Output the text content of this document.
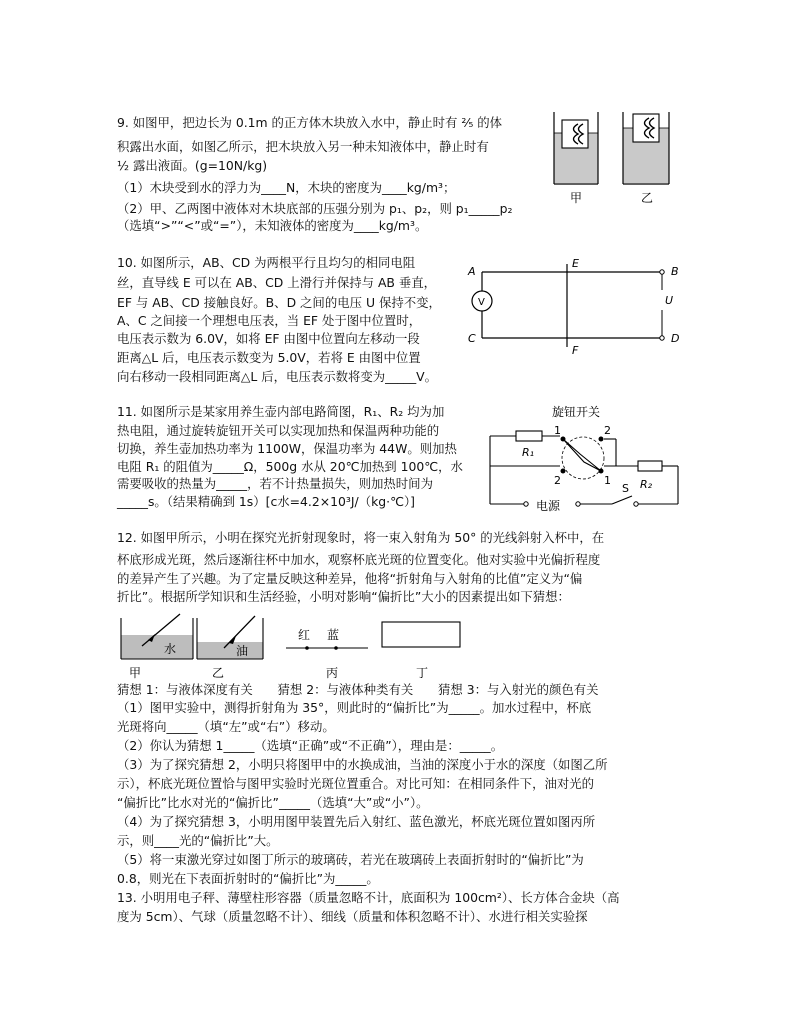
9. 如图甲，把边长为 0.1m 的正方体木块放入水中，静止时有 ²⁄₅ 的体
积露出水面，如图乙所示，把木块放入另一种未知液体中，静止时有
½ 露出液面。(g=10N/kg)
（1）木块受到水的浮力为____N，木块的密度为____kg/m³；
（2）甲、乙两图中液体对木块底部的压强分别为 p₁、p₂，则 p₁_____p₂
（选填“>”“<”或“=”），未知液体的密度为____kg/m³。
甲	乙
10. 如图所示，AB、CD 为两根平行且均匀的相同电阻
丝，直导线 E 可以在 AB、CD 上滑行并保持与 AB 垂直，
EF 与 AB、CD 接触良好。B、D 之间的电压 U 保持不变，
A、C 之间接一个理想电压表，当 EF 处于图中位置时，
电压表示数为 6.0V，如将 EF 由图中位置向左移动一段
距离△L 后，电压表示数变为 5.0V，若将 E 由图中位置
向右移动一段相同距离△L 后，电压表示数将变为_____V。
V
A	B
C	D
E
F
U
11. 如图所示是某家用养生壶内部电路简图，R₁、R₂ 均为加
热电阻，通过旋转旋钮开关可以实现加热和保温两种功能的
切换，养生壶加热功率为 1100W，保温功率为 44W。则加热
电阻 R₁ 的阻值为_____Ω，500g 水从 20℃加热到 100℃，水
需要吸收的热量为_____，若不计热量损失，则加热时间为
_____s。（结果精确到 1s）[c水=4.2×10³J/（kg·℃）]
旋钮开关
R₁
1	2
2	1	R₂
电源
S
12. 如图甲所示，小明在探究光折射现象时，将一束入射角为 50° 的光线斜射入杯中，在
杯底形成光斑，然后逐渐往杯中加水，观察杯底光斑的位置变化。他对实验中光偏折程度
的差异产生了兴趣。为了定量反映这种差异，他将“折射角与入射角的比值”定义为“偏
折比”。根据所学知识和生活经验，小明对影响“偏折比”大小的因素提出如下猜想：
水	油
红 蓝
甲	乙	丙	丁
猜想 1：与液体深度有关　　猜想 2：与液体种类有关　　猜想 3：与入射光的颜色有关
（1）图甲实验中，测得折射角为 35°，则此时的“偏折比”为_____。加水过程中，杯底
光斑将向_____（填“左”或“右”）移动。
（2）你认为猜想 1_____（选填“正确”或“不正确”），理由是：_____。
（3）为了探究猜想 2，小明只将图甲中的水换成油，当油的深度小于水的深度（如图乙所
示），杯底光斑位置恰与图甲实验时光斑位置重合。对比可知：在相同条件下，油对光的
“偏折比”比水对光的“偏折比”_____（选填“大”或“小”）。
（4）为了探究猜想 3，小明用图甲装置先后入射红、蓝色激光，杯底光斑位置如图丙所
示，则____光的“偏折比”大。
（5）将一束激光穿过如图丁所示的玻璃砖，若光在玻璃砖上表面折射时的“偏折比”为
0.8，则光在下表面折射时的“偏折比”为_____。
13. 小明用电子秤、薄壁柱形容器（质量忽略不计，底面积为 100cm²）、长方体合金块（高
度为 5cm）、气球（质量忽略不计）、细线（质量和体积忽略不计）、水进行相关实验探
